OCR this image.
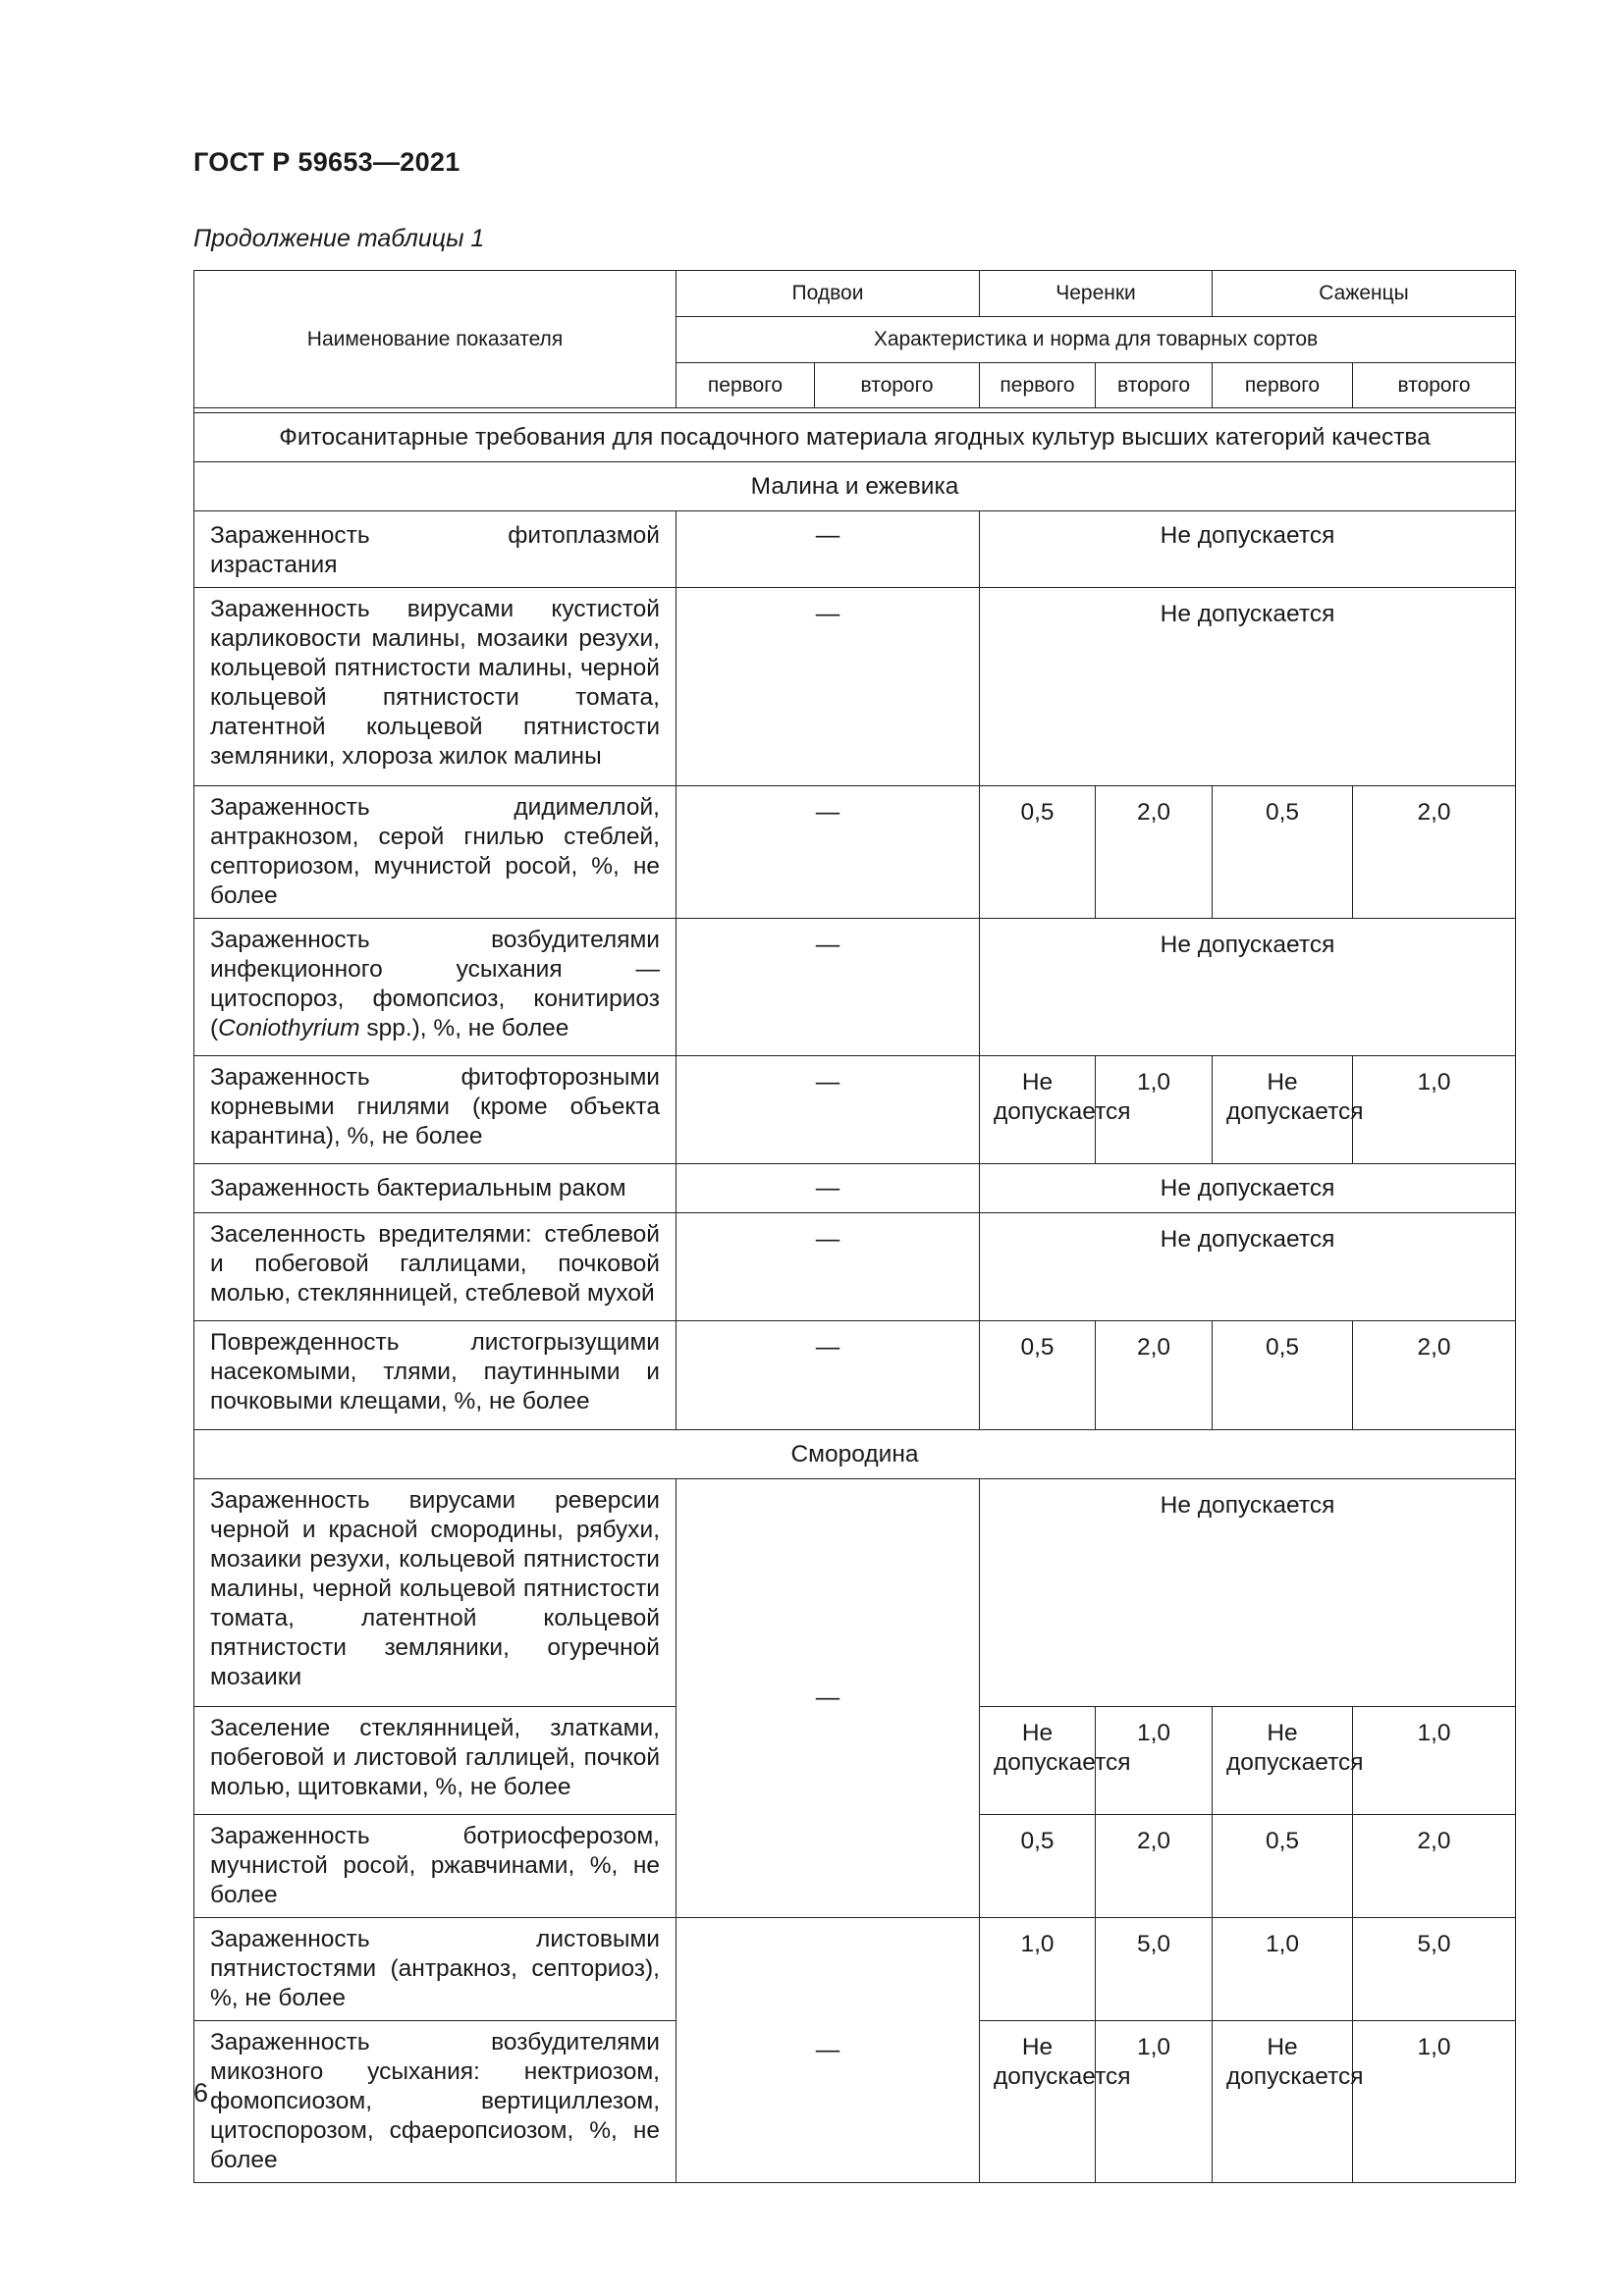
ГОСТ Р 59653—2021
Продолжение таблицы 1
Наименование показателя	Подвои		Черенки		Саженцы	
	Характеристика и норма для товарных сортов					
	первого	второго	первого	второго	первого	второго

Фитосанитарные требования для посадочного материала ягодных культур высших категорий качества						
Малина и ежевика						
Зараженность фитоплазмой израстания	—		Не допускается			
Зараженность вирусами кустистой карликовости малины, мозаики резухи, кольцевой пятнистости малины, черной кольцевой пятнистости томата, латентной кольцевой пятнистости земляники, хлороза жилок малины	—		Не допускается			
Зараженность дидимеллой, антракнозом, серой гнилью стеблей, септориозом, мучнистой росой, %, не более	—		0,5	2,0	0,5	2,0
Зараженность возбудителями инфекционного усыхания — цитоспороз, фомопсиоз, конитириоз (Coniothyrium spp.), %, не более	—		Не допускается			
Зараженность фитофторозными корневыми гнилями (кроме объекта карантина), %, не более	—		Не допускается	1,0	Не допускается	1,0
Зараженность бактериальным раком	—		Не допускается			
Заселенность вредителями: стеблевой и побеговой галлицами, почковой молью, стеклянницей, стеблевой мухой	—		Не допускается			
Поврежденность листогрызущими насекомыми, тлями, паутинными и почковыми клещами, %, не более	—		0,5	2,0	0,5	2,0
Смородина						
Зараженность вирусами реверсии черной и красной смородины, рябухи, мозаики резухи, кольцевой пятнистости малины, черной кольцевой пятнистости томата, латентной кольцевой пятнистости земляники, огуречной мозаики	—		Не допускается			
Заселение стеклянницей, златками, побеговой и листовой галлицей, почкой молью, щитовками, %, не более			Не допускается	1,0	Не допускается	1,0
Зараженность ботриосферозом, мучнистой росой, ржавчинами, %, не более			0,5	2,0	0,5	2,0
Зараженность листовыми пятнистостями (антракноз, септориоз), %, не более	—		1,0	5,0	1,0	5,0
Зараженность возбудителями микозного усыхания: нектриозом, фомопсиозом, вертициллезом, цитоспорозом, сфаеропсиозом, %, не более			Не допускается	1,0	Не допускается	1,0
6
